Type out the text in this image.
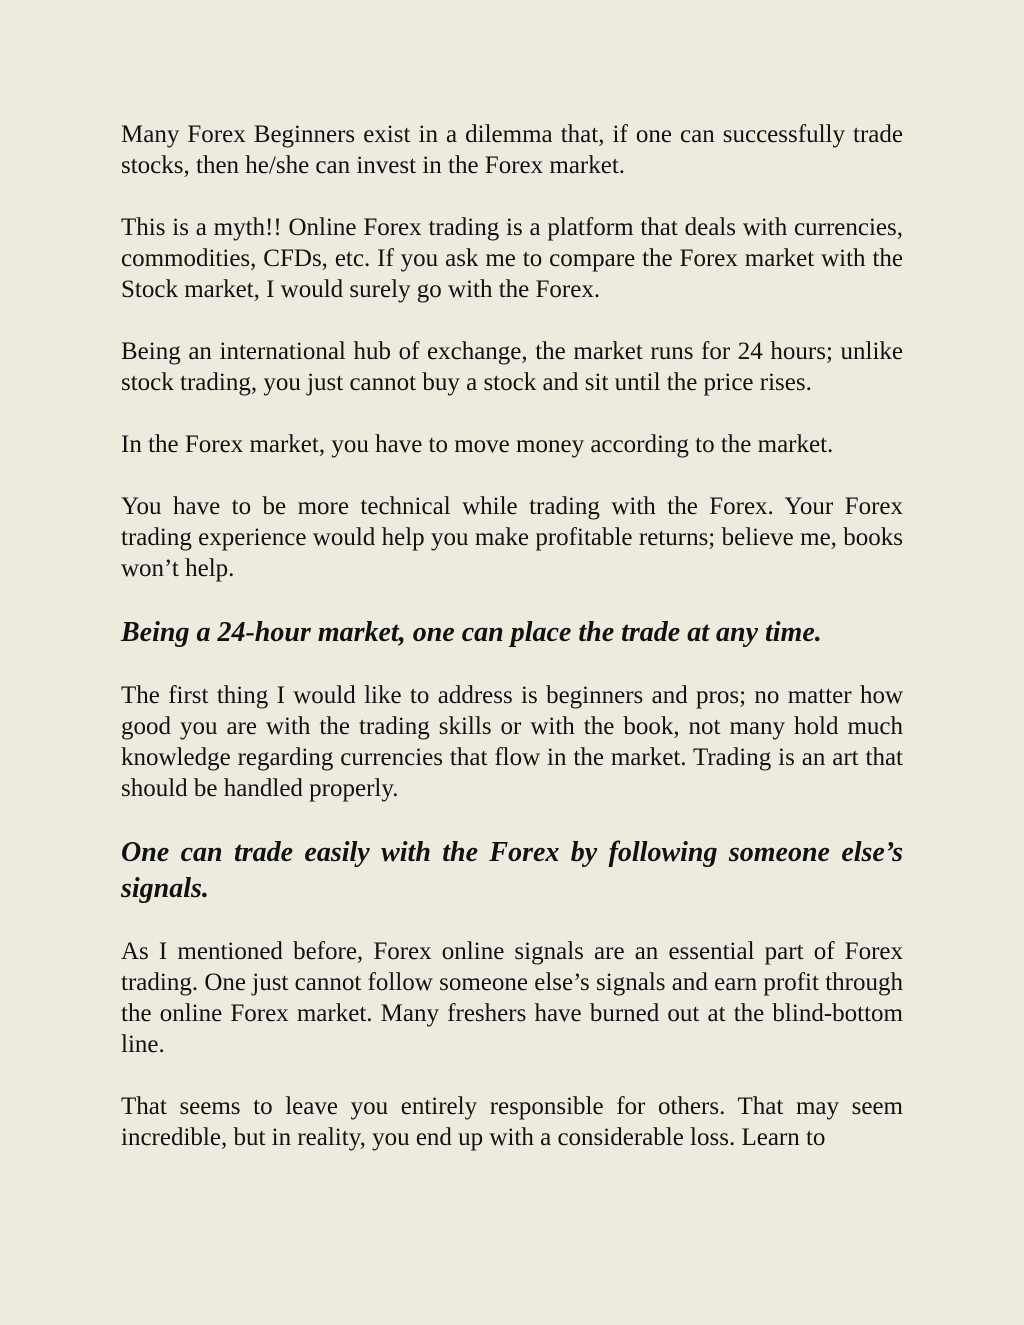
Many Forex Beginners exist in a dilemma that, if one can successfully trade stocks, then he/she can invest in the Forex market.

This is a myth!! Online Forex trading is a platform that deals with currencies, commodities, CFDs, etc. If you ask me to compare the Forex market with the Stock market, I would surely go with the Forex.

Being an international hub of exchange, the market runs for 24 hours; unlike stock trading, you just cannot buy a stock and sit until the price rises.

In the Forex market, you have to move money according to the market.

You have to be more technical while trading with the Forex. Your Forex trading experience would help you make profitable returns; believe me, books won’t help.

Being a 24-hour market, one can place the trade at any time.

The first thing I would like to address is beginners and pros; no matter how good you are with the trading skills or with the book, not many hold much knowledge regarding currencies that flow in the market. Trading is an art that should be handled properly.

One can trade easily with the Forex by following someone else’s signals.

As I mentioned before, Forex online signals are an essential part of Forex trading. One just cannot follow someone else’s signals and earn profit through the online Forex market. Many freshers have burned out at the blind-bottom line.

That seems to leave you entirely responsible for others. That may seem incredible, but in reality, you end up with a considerable loss. Learn to
